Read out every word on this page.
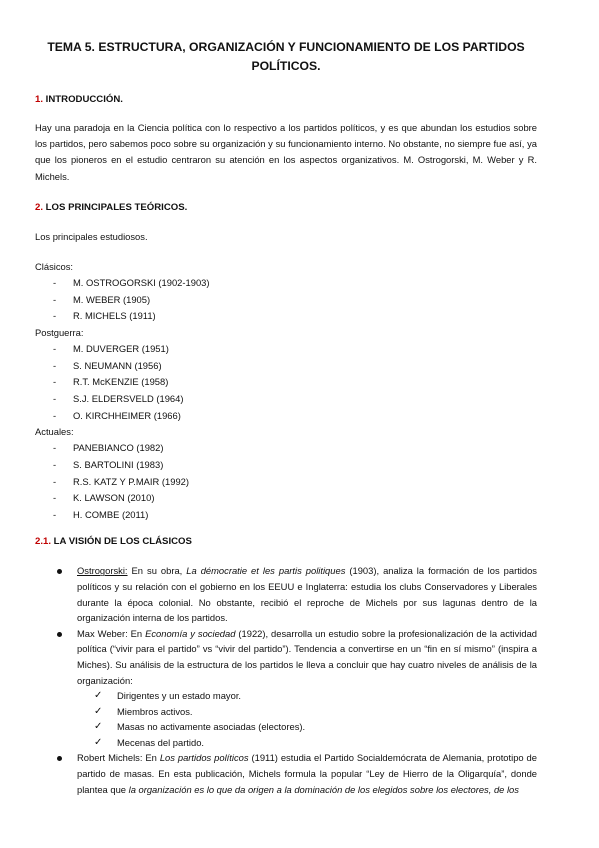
TEMA 5. ESTRUCTURA, ORGANIZACIÓN Y FUNCIONAMIENTO DE LOS PARTIDOS POLÍTICOS.

1. INTRODUCCIÓN.

Hay una paradoja en la Ciencia política con lo respectivo a los partidos políticos, y es que abundan los estudios sobre los partidos, pero sabemos poco sobre su organización y su funcionamiento interno. No obstante, no siempre fue así, ya que los pioneros en el estudio centraron su atención en los aspectos organizativos. M. Ostrogorski, M. Weber y R. Michels.

2. LOS PRINCIPALES TEÓRICOS.

Los principales estudiosos.

Clásicos:
- M. OSTROGORSKI (1902-1903)
- M. WEBER (1905)
- R. MICHELS (1911)
Postguerra:
- M. DUVERGER (1951)
- S. NEUMANN (1956)
- R.T. McKENZIE (1958)
- S.J. ELDERSVELD (1964)
- O. KIRCHHEIMER (1966)
Actuales:
- PANEBIANCO (1982)
- S. BARTOLINI (1983)
- R.S. KATZ Y P.MAIR (1992)
- K. LAWSON (2010)
- H. COMBE (2011)

2.1. LA VISIÓN DE LOS CLÁSICOS

Ostrogorski: En su obra, La démocratie et les partis politiques (1903), analiza la formación de los partidos políticos y su relación con el gobierno en los EEUU e Inglaterra: estudia los clubs Conservadores y Liberales durante la época colonial. No obstante, recibió el reproche de Michels por sus lagunas dentro de la organización interna de los partidos.
Max Weber: En Economía y sociedad (1922), desarrolla un estudio sobre la profesionalización de la actividad política (“vivir para el partido” vs “vivir del partido”). Tendencia a convertirse en un “fin en sí mismo” (inspira a Miches). Su análisis de la estructura de los partidos le lleva a concluir que hay cuatro niveles de análisis de la organización:
✓ Dirigentes y un estado mayor.
✓ Miembros activos.
✓ Masas no activamente asociadas (electores).
✓ Mecenas del partido.
Robert Michels: En Los partidos políticos (1911) estudia el Partido Socialdemócrata de Alemania, prototipo de partido de masas. En esta publicación, Michels formula la popular “Ley de Hierro de la Oligarquía”, donde plantea que la organización es lo que da origen a la dominación de los elegidos sobre los electores, de los
